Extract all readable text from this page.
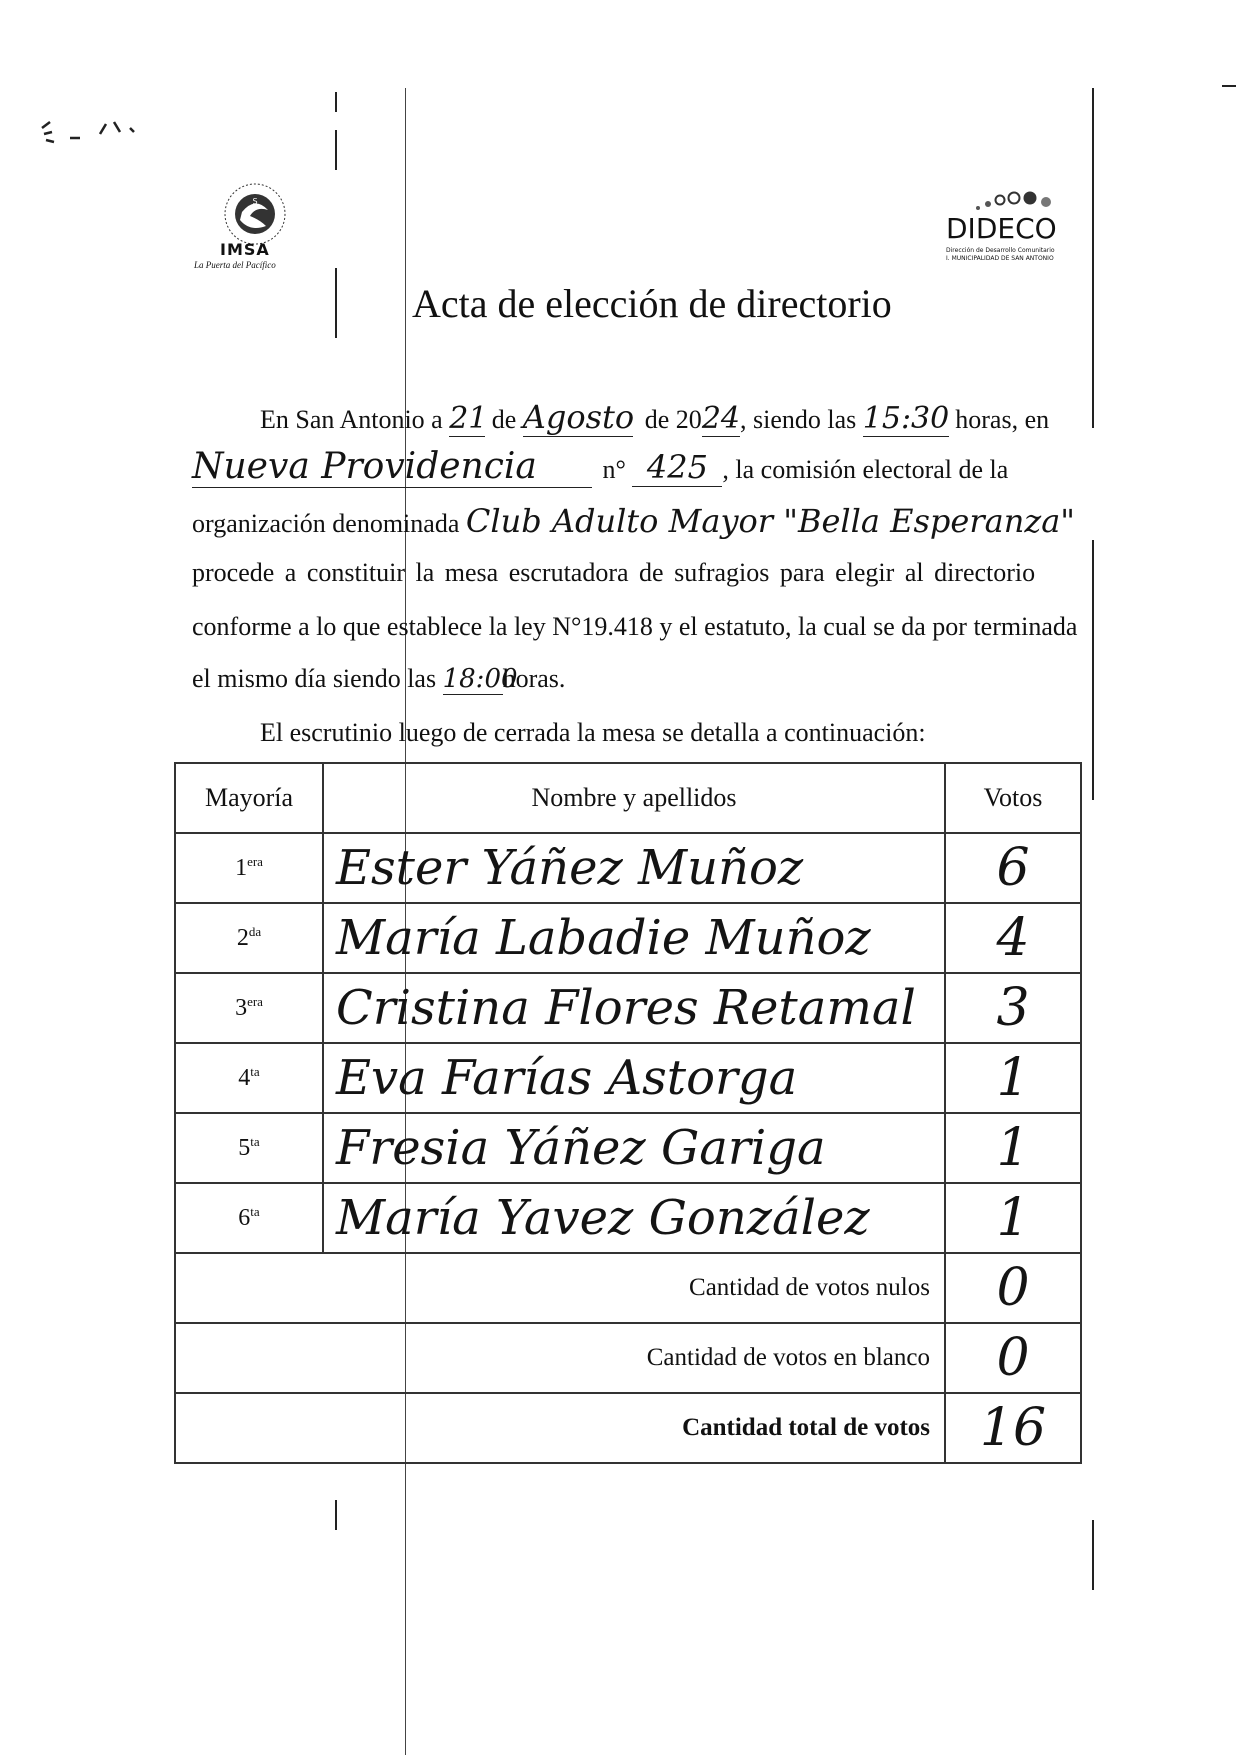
S
IMSA
La Puerta del Pacífico
DIDECO
Dirección de Desarrollo Comunitario
I. MUNICIPALIDAD DE SAN ANTONIO
Acta de elección de directorio
En San Antonio a 21 de Agosto de 2024, siendo las 15:30 horas, en
Nueva Providencia	n° 425 , la comisión electoral de la
organización denominada Club Adulto Mayor "Bella Esperanza"
procede a constituir la mesa escrutadora de sufragios para elegir al directorio
conforme a lo que establece la ley N°19.418 y el estatuto, la cual se da por terminada
el mismo día siendo las 18:00horas.
El escrutinio luego de cerrada la mesa se detalla a continuación:
Mayoría	Nombre y apellidos	Votos
$1^{era}$	Ester Yáñez Muñoz	6
$2^{da}$	María Labadie Muñoz	4
$3^{era}$	Cristina Flores Retamal	3
$4^{ta}$	Eva Farías Astorga	1
$5^{ta}$	Fresia Yáñez Gariga	1
$6^{ta}$	María Yavez González	1
Cantidad de votos nulos		0
Cantidad de votos en blanco		0
Cantidad total de votos		16
